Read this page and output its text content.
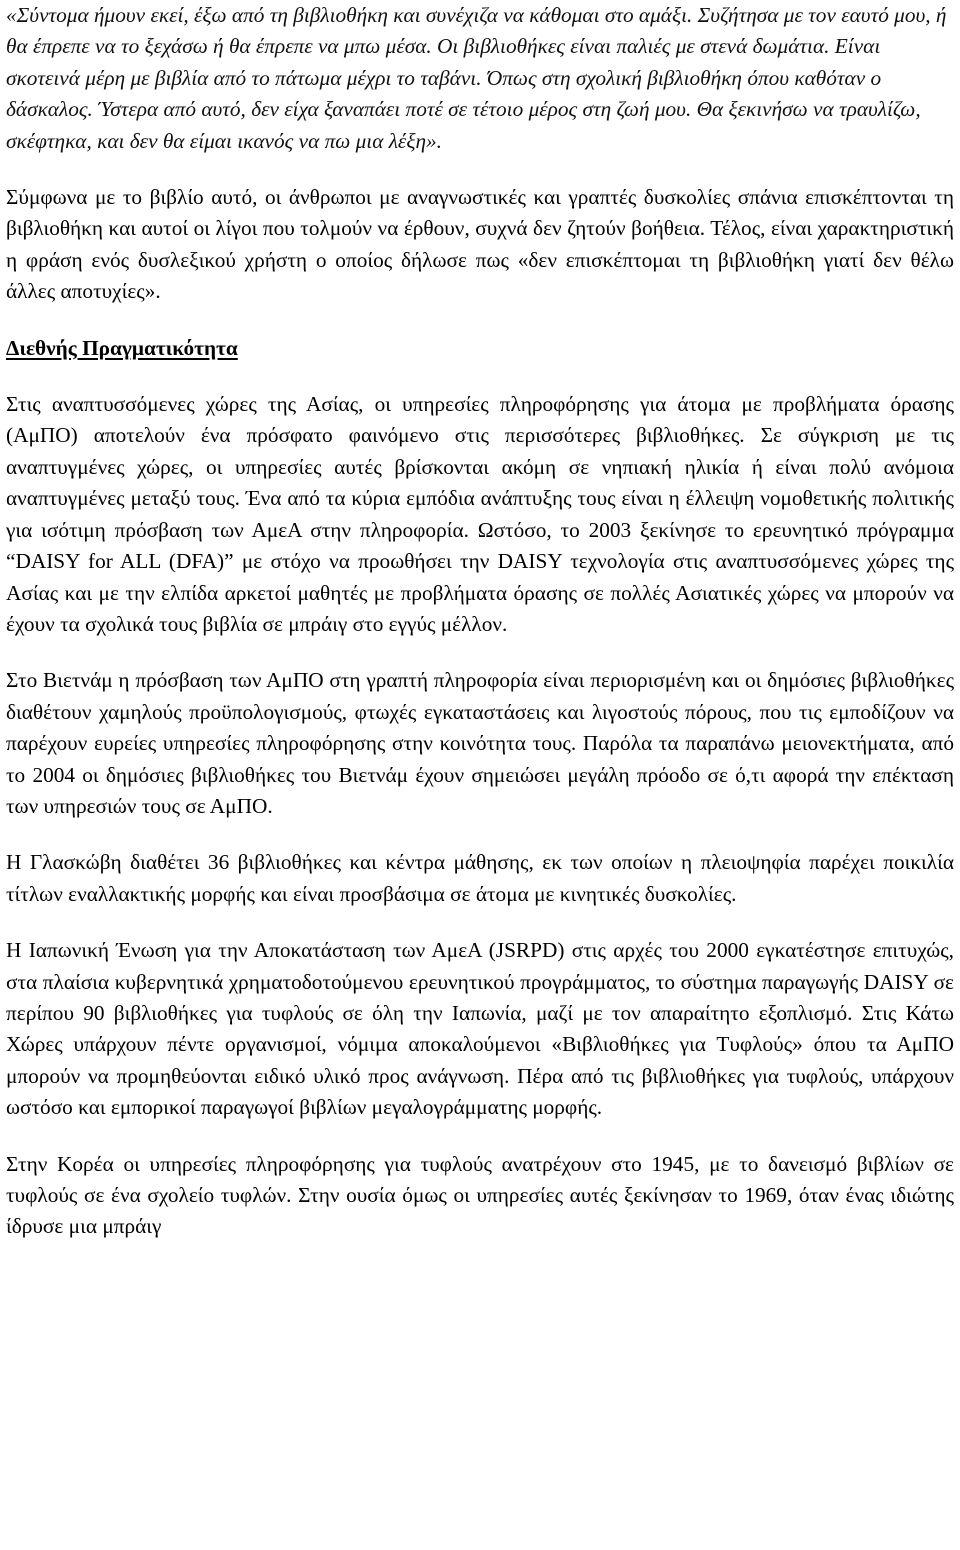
«Σύντομα ήμουν εκεί, έξω από τη βιβλιοθήκη και συνέχιζα να κάθομαι στο αμάξι. Συζήτησα με τον εαυτό μου, ή θα έπρεπε να το ξεχάσω ή θα έπρεπε να μπω μέσα. Οι βιβλιοθήκες είναι παλιές με στενά δωμάτια. Είναι σκοτεινά μέρη με βιβλία από το πάτωμα μέχρι το ταβάνι. Όπως στη σχολική βιβλιοθήκη όπου καθόταν ο δάσκαλος. Ύστερα από αυτό, δεν είχα ξαναπάει ποτέ σε τέτοιο μέρος στη ζωή μου. Θα ξεκινήσω να τραυλίζω, σκέφτηκα, και δεν θα είμαι ικανός να πω μια λέξη».

Σύμφωνα με το βιβλίο αυτό, οι άνθρωποι με αναγνωστικές και γραπτές δυσκολίες σπάνια επισκέπτονται τη βιβλιοθήκη και αυτοί οι λίγοι που τολμούν να έρθουν, συχνά δεν ζητούν βοήθεια. Τέλος, είναι χαρακτηριστική η φράση ενός δυσλεξικού χρήστη ο οποίος δήλωσε πως «δεν επισκέπτομαι τη βιβλιοθήκη γιατί δεν θέλω άλλες αποτυχίες».

Διεθνής Πραγματικότητα

Στις αναπτυσσόμενες χώρες της Ασίας, οι υπηρεσίες πληροφόρησης για άτομα με προβλήματα όρασης (ΑμΠΟ) αποτελούν ένα πρόσφατο φαινόμενο στις περισσότερες βιβλιοθήκες. Σε σύγκριση με τις αναπτυγμένες χώρες, οι υπηρεσίες αυτές βρίσκονται ακόμη σε νηπιακή ηλικία ή είναι πολύ ανόμοια αναπτυγμένες μεταξύ τους. Ένα από τα κύρια εμπόδια ανάπτυξης τους είναι η έλλειψη νομοθετικής πολιτικής για ισότιμη πρόσβαση των ΑμεΑ στην πληροφορία. Ωστόσο, το 2003 ξεκίνησε το ερευνητικό πρόγραμμα “DAISY for ALL (DFA)” με στόχο να προωθήσει την DAISY τεχνολογία στις αναπτυσσόμενες χώρες της Ασίας και με την ελπίδα αρκετοί μαθητές με προβλήματα όρασης σε πολλές Ασιατικές χώρες να μπορούν να έχουν τα σχολικά τους βιβλία σε μπράιγ στο εγγύς μέλλον.

Στο Βιετνάμ η πρόσβαση των ΑμΠΟ στη γραπτή πληροφορία είναι περιορισμένη και οι δημόσιες βιβλιοθήκες διαθέτουν χαμηλούς προϋπολογισμούς, φτωχές εγκαταστάσεις και λιγοστούς πόρους, που τις εμποδίζουν να παρέχουν ευρείες υπηρεσίες πληροφόρησης στην κοινότητα τους. Παρόλα τα παραπάνω μειονεκτήματα, από το 2004 οι δημόσιες βιβλιοθήκες του Βιετνάμ έχουν σημειώσει μεγάλη πρόοδο σε ό,τι αφορά την επέκταση των υπηρεσιών τους σε ΑμΠΟ.

Η Γλασκώβη διαθέτει 36 βιβλιοθήκες και κέντρα μάθησης, εκ των οποίων η πλειοψηφία παρέχει ποικιλία τίτλων εναλλακτικής μορφής και είναι προσβάσιμα σε άτομα με κινητικές δυσκολίες.

Η Ιαπωνική Ένωση για την Αποκατάσταση των ΑμεΑ (JSRPD) στις αρχές του 2000 εγκατέστησε επιτυχώς, στα πλαίσια κυβερνητικά χρηματοδοτούμενου ερευνητικού προγράμματος, το σύστημα παραγωγής DAISY σε περίπου 90 βιβλιοθήκες για τυφλούς σε όλη την Ιαπωνία, μαζί με τον απαραίτητο εξοπλισμό. Στις Κάτω Χώρες υπάρχουν πέντε οργανισμοί, νόμιμα αποκαλούμενοι «Βιβλιοθήκες για Τυφλούς» όπου τα ΑμΠΟ μπορούν να προμηθεύονται ειδικό υλικό προς ανάγνωση. Πέρα από τις βιβλιοθήκες για τυφλούς, υπάρχουν ωστόσο και εμπορικοί παραγωγοί βιβλίων μεγαλογράμματης μορφής.

Στην Κορέα οι υπηρεσίες πληροφόρησης για τυφλούς ανατρέχουν στο 1945, με το δανεισμό βιβλίων σε τυφλούς σε ένα σχολείο τυφλών. Στην ουσία όμως οι υπηρεσίες αυτές ξεκίνησαν το 1969, όταν ένας ιδιώτης ίδρυσε μια μπράιγ
